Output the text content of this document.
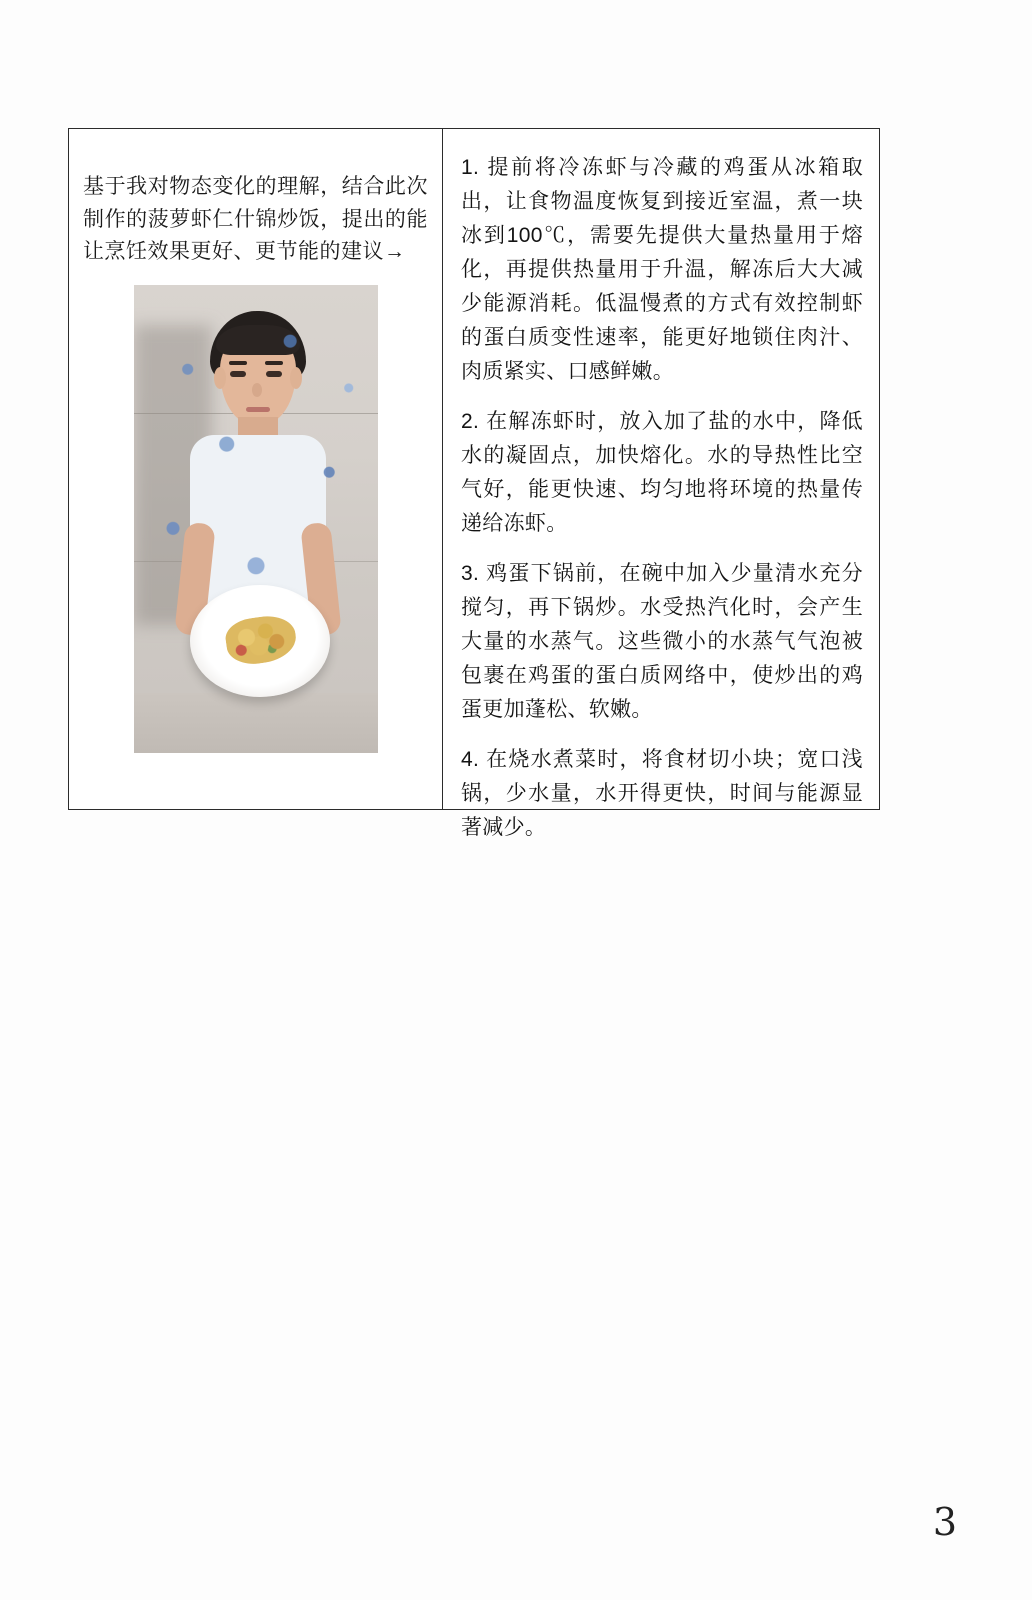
基于我对物态变化的理解，结合此次制作的菠萝虾仁什锦炒饭，提出的能让烹饪效果更好、更节能的建议→

1. 提前将冷冻虾与冷藏的鸡蛋从冰箱取出，让食物温度恢复到接近室温，煮一块冰到100℃，需要先提供大量热量用于熔化，再提供热量用于升温，解冻后大大减少能源消耗。低温慢煮的方式有效控制虾的蛋白质变性速率，能更好地锁住肉汁、肉质紧实、口感鲜嫩。

2. 在解冻虾时，放入加了盐的水中，降低水的凝固点，加快熔化。水的导热性比空气好，能更快速、均匀地将环境的热量传递给冻虾。

3. 鸡蛋下锅前，在碗中加入少量清水充分搅匀，再下锅炒。水受热汽化时，会产生大量的水蒸气。这些微小的水蒸气气泡被包裹在鸡蛋的蛋白质网络中，使炒出的鸡蛋更加蓬松、软嫩。

4. 在烧水煮菜时，将食材切小块；宽口浅锅，少水量，水开得更快，时间与能源显著减少。

3
